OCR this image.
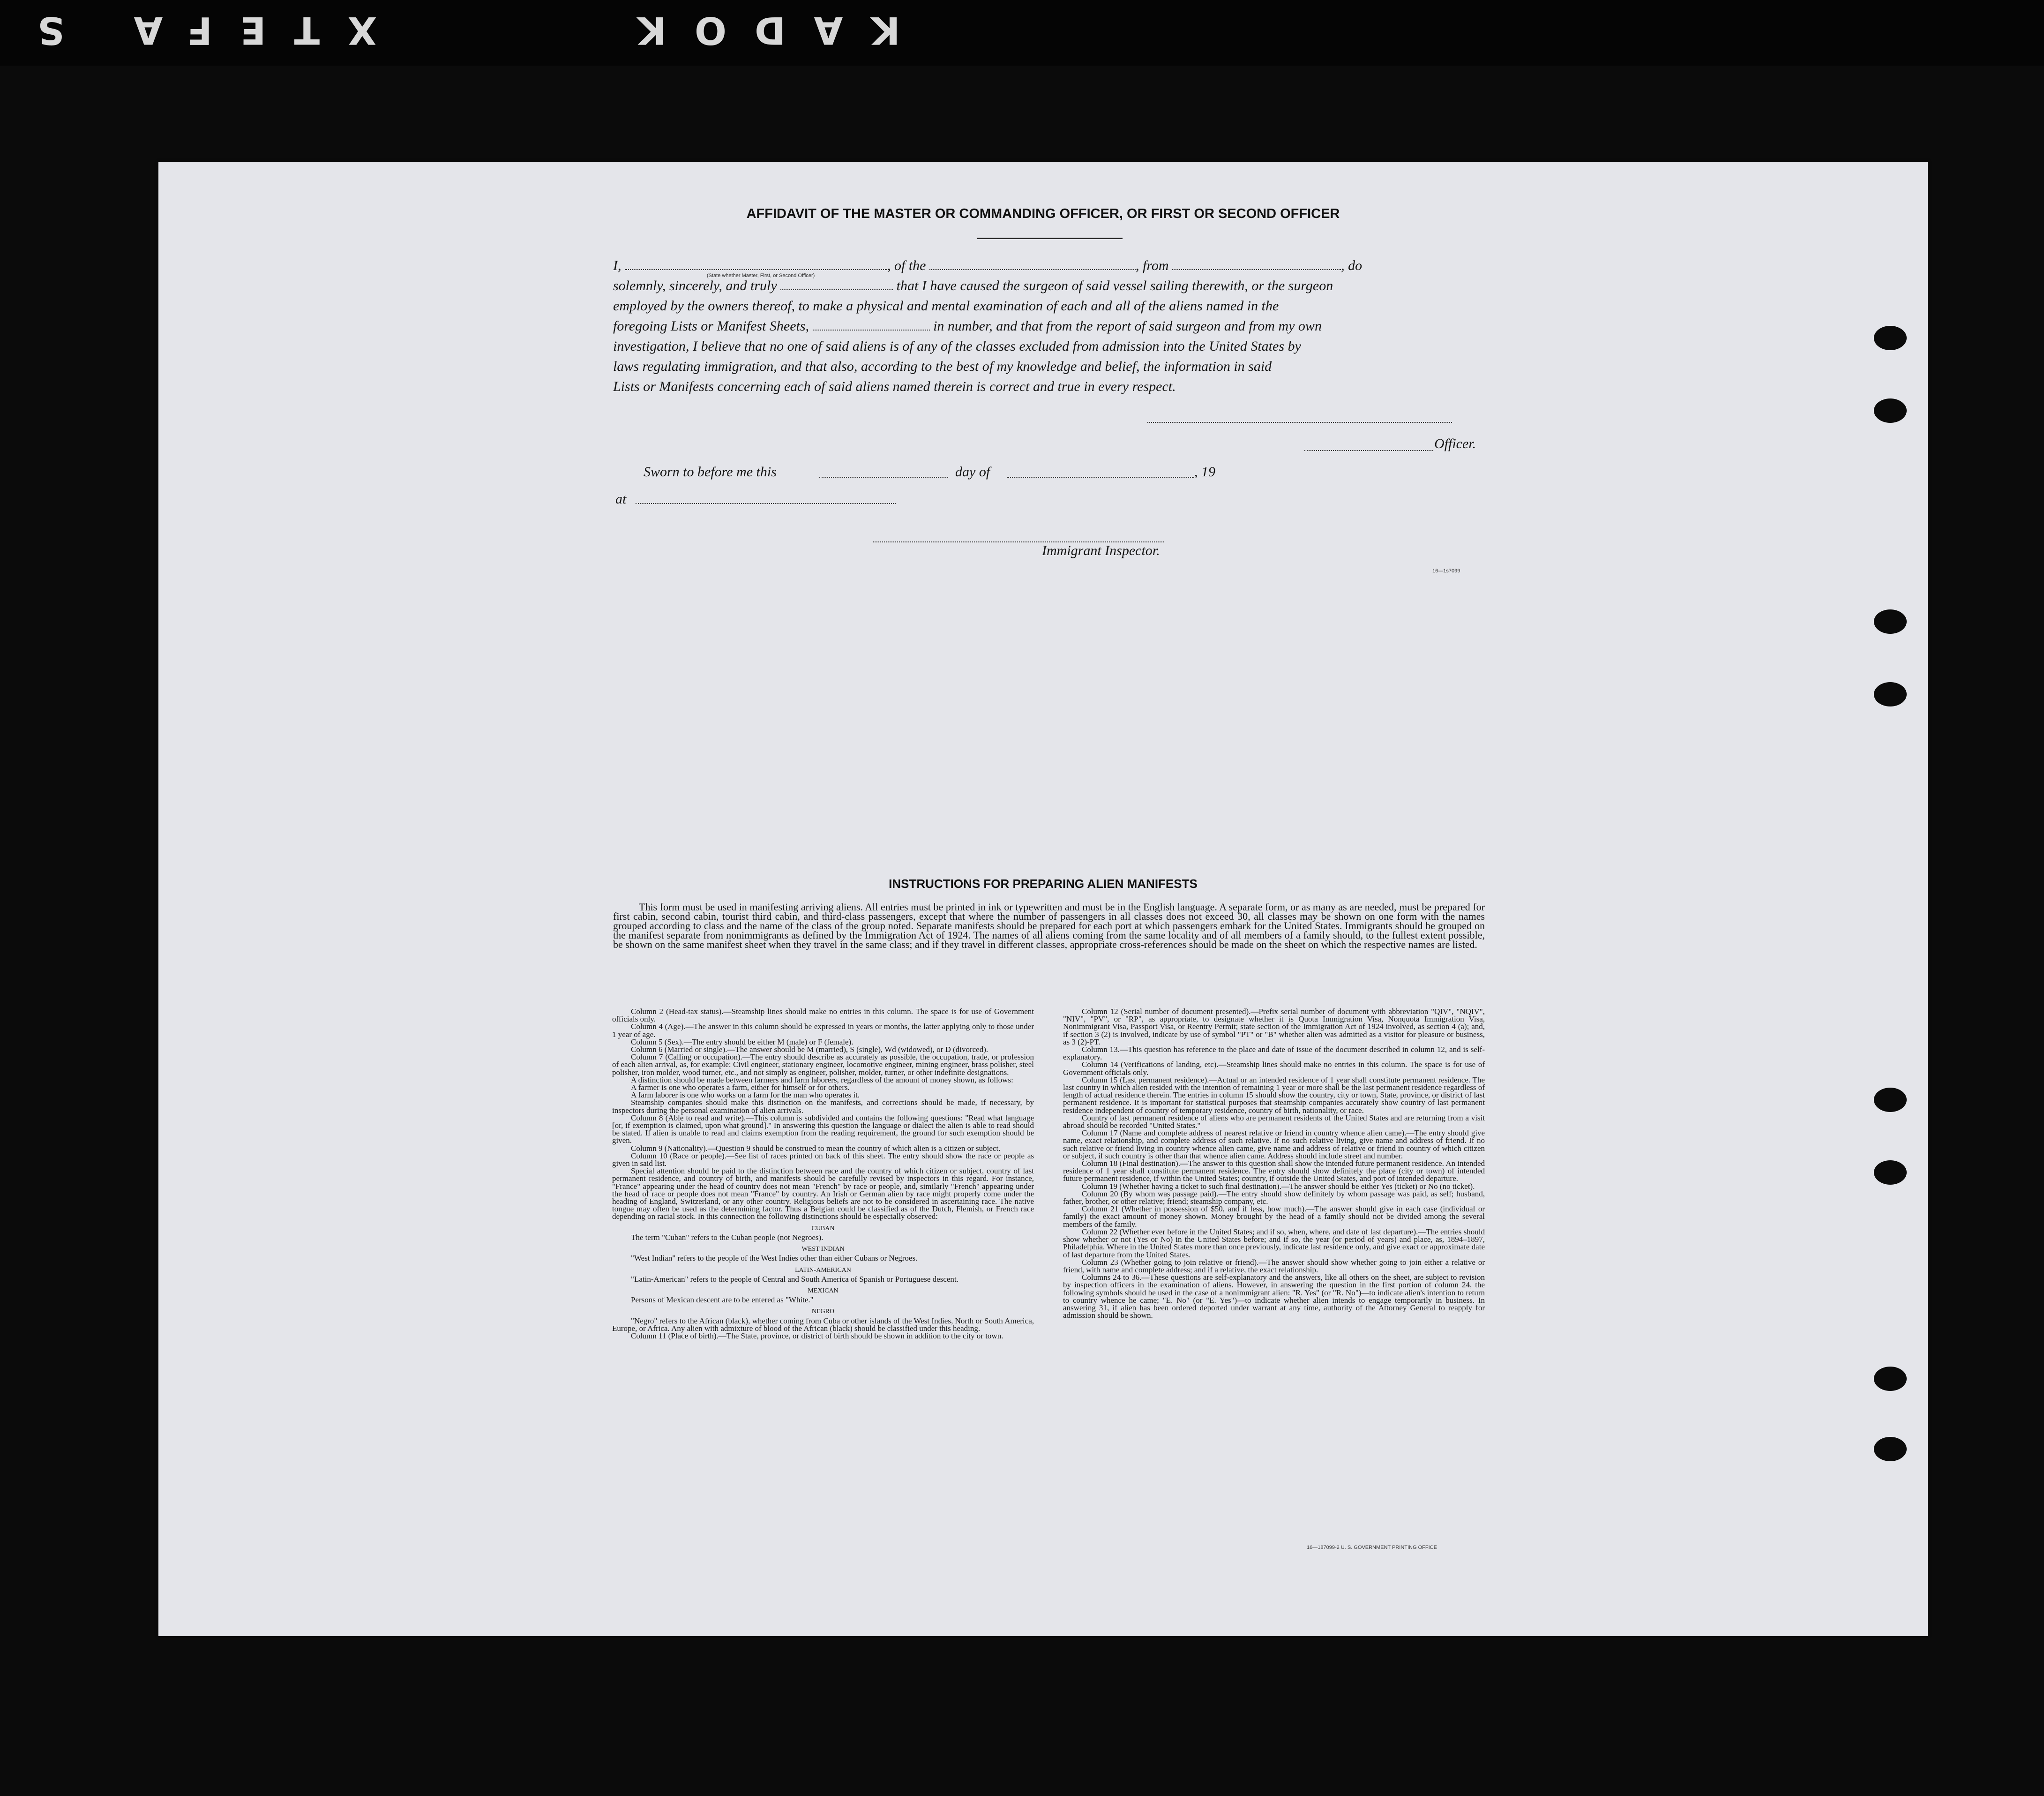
XTEFA S	KADOK
AFFIDAVIT OF THE MASTER OR COMMANDING OFFICER, OR FIRST OR SECOND OFFICER

I,	, of the	, from	, do

solemnly, sincerely, and truly	that I have caused the surgeon of said vessel sailing therewith, or the surgeon

employed by the owners thereof, to make a physical and mental examination of each and all of the aliens named in the

foregoing Lists or Manifest Sheets,	in number, and that from the report of said surgeon and from my own

investigation, I believe that no one of said aliens is of any of the classes excluded from admission into the United States by

laws regulating immigration, and that also, according to the best of my knowledge and belief, the information in said

Lists or Manifests concerning each of said aliens named therein is correct and true in every respect.

(State whether Master, First, or Second Officer)
Officer.
Sworn to before me this	day of	, 19
at
Immigrant Inspector.
16—1s7099
INSTRUCTIONS FOR PREPARING ALIEN MANIFESTS

This form must be used in manifesting arriving aliens. All entries must be printed in ink or typewritten and must be in the English language. A separate form, or as many as are needed, must be prepared for first cabin, second cabin, tourist third cabin, and third-class passengers, except that where the number of passengers in all classes does not exceed 30, all classes may be shown on one form with the names grouped according to class and the name of the class of the group noted. Separate manifests should be prepared for each port at which passengers embark for the United States. Immigrants should be grouped on the manifest separate from nonimmigrants as defined by the Immigration Act of 1924. The names of all aliens coming from the same locality and of all members of a family should, to the fullest extent possible, be shown on the same manifest sheet when they travel in the same class; and if they travel in different classes, appropriate cross-references should be made on the sheet on which the respective names are listed.

Column 2 (Head-tax status).—Steamship lines should make no entries in this column. The space is for use of Government officials only.

Column 4 (Age).—The answer in this column should be expressed in years or months, the latter applying only to those under 1 year of age.

Column 5 (Sex).—The entry should be either M (male) or F (female).

Column 6 (Married or single).—The answer should be M (married), S (single), Wd (widowed), or D (divorced).

Column 7 (Calling or occupation).—The entry should describe as accurately as possible, the occupation, trade, or profession of each alien arrival, as, for example: Civil engineer, stationary engineer, locomotive engineer, mining engineer, brass polisher, steel polisher, iron molder, wood turner, etc., and not simply as engineer, polisher, molder, turner, or other indefinite designations.

A distinction should be made between farmers and farm laborers, regardless of the amount of money shown, as follows:

A farmer is one who operates a farm, either for himself or for others.

A farm laborer is one who works on a farm for the man who operates it.

Steamship companies should make this distinction on the manifests, and corrections should be made, if necessary, by inspectors during the personal examination of alien arrivals.

Column 8 (Able to read and write).—This column is subdivided and contains the following questions: "Read what language [or, if exemption is claimed, upon what ground]." In answering this question the language or dialect the alien is able to read should be stated. If alien is unable to read and claims exemption from the reading requirement, the ground for such exemption should be given.

Column 9 (Nationality).—Question 9 should be construed to mean the country of which alien is a citizen or subject.

Column 10 (Race or people).—See list of races printed on back of this sheet. The entry should show the race or people as given in said list.

Special attention should be paid to the distinction between race and the country of which citizen or subject, country of last permanent residence, and country of birth, and manifests should be carefully revised by inspectors in this regard. For instance, "France" appearing under the head of country does not mean "French" by race or people, and, similarly "French" appearing under the head of race or people does not mean "France" by country. An Irish or German alien by race might properly come under the heading of England, Switzerland, or any other country. Religious beliefs are not to be considered in ascertaining race. The native tongue may often be used as the determining factor. Thus a Belgian could be classified as of the Dutch, Flemish, or French race depending on racial stock. In this connection the following distinctions should be especially observed:

CUBAN

The term "Cuban" refers to the Cuban people (not Negroes).

WEST INDIAN

"West Indian" refers to the people of the West Indies other than either Cubans or Negroes.

LATIN-AMERICAN

"Latin-American" refers to the people of Central and South America of Spanish or Portuguese descent.

MEXICAN

Persons of Mexican descent are to be entered as "White."

NEGRO

"Negro" refers to the African (black), whether coming from Cuba or other islands of the West Indies, North or South America, Europe, or Africa. Any alien with admixture of blood of the African (black) should be classified under this heading.

Column 11 (Place of birth).—The State, province, or district of birth should be shown in addition to the city or town.

Column 12 (Serial number of document presented).—Prefix serial number of document with abbreviation "QIV", "NQIV", "NIV", "PV", or "RP", as appropriate, to designate whether it is Quota Immigration Visa, Nonquota Immigration Visa, Nonimmigrant Visa, Passport Visa, or Reentry Permit; state section of the Immigration Act of 1924 involved, as section 4 (a); and, if section 3 (2) is involved, indicate by use of symbol "PT" or "B" whether alien was admitted as a visitor for pleasure or business, as 3 (2)-PT.

Column 13.—This question has reference to the place and date of issue of the document described in column 12, and is self-explanatory.

Column 14 (Verifications of landing, etc).—Steamship lines should make no entries in this column. The space is for use of Government officials only.

Column 15 (Last permanent residence).—Actual or an intended residence of 1 year shall constitute permanent residence. The last country in which alien resided with the intention of remaining 1 year or more shall be the last permanent residence regardless of length of actual residence therein. The entries in column 15 should show the country, city or town, State, province, or district of last permanent residence. It is important for statistical purposes that steamship companies accurately show country of last permanent residence independent of country of temporary residence, country of birth, nationality, or race.

Country of last permanent residence of aliens who are permanent residents of the United States and are returning from a visit abroad should be recorded "United States."

Column 17 (Name and complete address of nearest relative or friend in country whence alien came).—The entry should give name, exact relationship, and complete address of such relative. If no such relative living, give name and address of friend. If no such relative or friend living in country whence alien came, give name and address of relative or friend in country of which citizen or subject, if such country is other than that whence alien came. Address should include street and number.

Column 18 (Final destination).—The answer to this question shall show the intended future permanent residence. An intended residence of 1 year shall constitute permanent residence. The entry should show definitely the place (city or town) of intended future permanent residence, if within the United States; country, if outside the United States, and port of intended departure.

Column 19 (Whether having a ticket to such final destination).—The answer should be either Yes (ticket) or No (no ticket).

Column 20 (By whom was passage paid).—The entry should show definitely by whom passage was paid, as self; husband, father, brother, or other relative; friend; steamship company, etc.

Column 21 (Whether in possession of $50, and if less, how much).—The answer should give in each case (individual or family) the exact amount of money shown. Money brought by the head of a family should not be divided among the several members of the family.

Column 22 (Whether ever before in the United States; and if so, when, where, and date of last departure).—The entries should show whether or not (Yes or No) in the United States before; and if so, the year (or period of years) and place, as, 1894–1897, Philadelphia. Where in the United States more than once previously, indicate last residence only, and give exact or approximate date of last departure from the United States.

Column 23 (Whether going to join relative or friend).—The answer should show whether going to join either a relative or friend, with name and complete address; and if a relative, the exact relationship.

Columns 24 to 36.—These questions are self-explanatory and the answers, like all others on the sheet, are subject to revision by inspection officers in the examination of aliens. However, in answering the question in the first portion of column 24, the following symbols should be used in the case of a nonimmigrant alien: "R. Yes" (or "R. No")—to indicate alien's intention to return to country whence he came; "E. No" (or "E. Yes")—to indicate whether alien intends to engage temporarily in business. In answering 31, if alien has been ordered deported under warrant at any time, authority of the Attorney General to reapply for admission should be shown.

16—187099-2 U. S. GOVERNMENT PRINTING OFFICE
